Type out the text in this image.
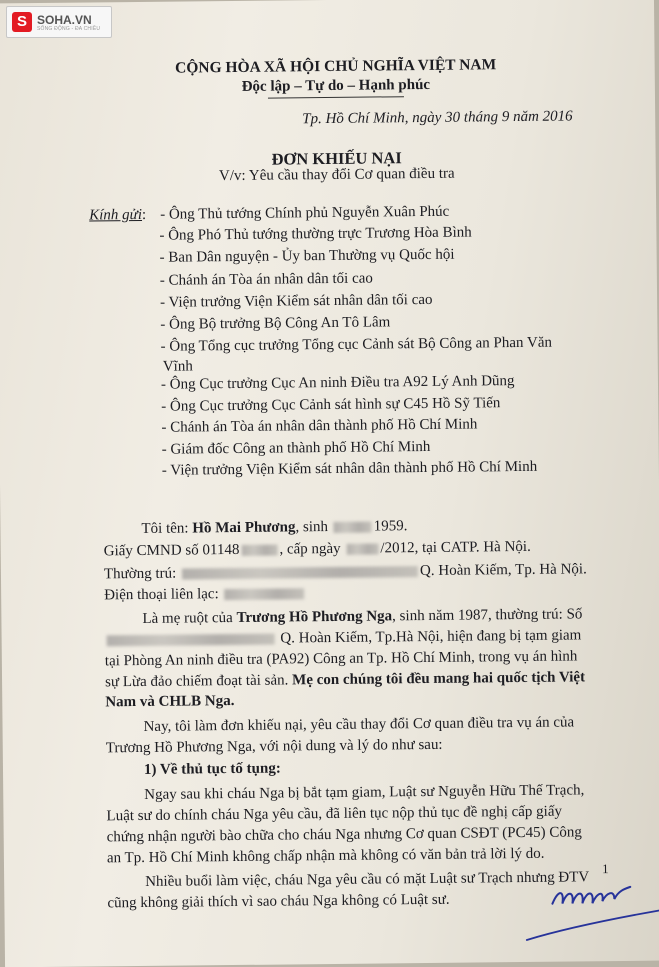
S SOHA.VN
SỐNG ĐỘNG - ĐA CHIỀU
CỘNG HÒA XÃ HỘI CHỦ NGHĨA VIỆT NAM
Độc lập – Tự do – Hạnh phúc
Tp. Hồ Chí Minh, ngày 30 tháng 9 năm 2016
ĐƠN KHIẾU NẠI
V/v: Yêu cầu thay đổi Cơ quan điều tra
Kính gửi: - Ông Thủ tướng Chính phủ Nguyễn Xuân Phúc
- Ông Phó Thủ tướng thường trực Trương Hòa Bình
- Ban Dân nguyện - Ủy ban Thường vụ Quốc hội
- Chánh án Tòa án nhân dân tối cao
- Viện trưởng Viện Kiểm sát nhân dân tối cao
- Ông Bộ trưởng Bộ Công An Tô Lâm
- Ông Tổng cục trưởng Tổng cục Cảnh sát Bộ Công an Phan Văn
Vĩnh
- Ông Cục trưởng Cục An ninh Điều tra A92 Lý Anh Dũng
- Ông Cục trưởng Cục Cảnh sát hình sự C45 Hồ Sỹ Tiến
- Chánh án Tòa án nhân dân thành phố Hồ Chí Minh
- Giám đốc Công an thành phố Hồ Chí Minh
- Viện trưởng Viện Kiểm sát nhân dân thành phố Hồ Chí Minh
Tôi tên: Hồ Mai Phương, sinh	1959.
Giấy CMND số 01148	, cấp ngày /2012, tại CATP. Hà Nội.
Thường trú:	Q. Hoàn Kiếm, Tp. Hà Nội.
Điện thoại liên lạc:
Là mẹ ruột của Trương Hồ Phương Nga, sinh năm 1987, thường trú: Số
Q. Hoàn Kiếm, Tp.Hà Nội, hiện đang bị tạm giam
tại Phòng An ninh điều tra (PA92) Công an Tp. Hồ Chí Minh, trong vụ án hình
sự Lừa đảo chiếm đoạt tài sản. Mẹ con chúng tôi đều mang hai quốc tịch Việt
Nam và CHLB Nga.
Nay, tôi làm đơn khiếu nại, yêu cầu thay đổi Cơ quan điều tra vụ án của
Trương Hồ Phương Nga, với nội dung và lý do như sau:
1) Về thủ tục tố tụng:
Ngay sau khi cháu Nga bị bắt tạm giam, Luật sư Nguyễn Hữu Thế Trạch,
Luật sư do chính cháu Nga yêu cầu, đã liên tục nộp thủ tục đề nghị cấp giấy
chứng nhận người bào chữa cho cháu Nga nhưng Cơ quan CSĐT (PC45) Công
an Tp. Hồ Chí Minh không chấp nhận mà không có văn bản trả lời lý do.
Nhiều buổi làm việc, cháu Nga yêu cầu có mặt Luật sư Trạch nhưng ĐTV
cũng không giải thích vì sao cháu Nga không có Luật sư.
1
